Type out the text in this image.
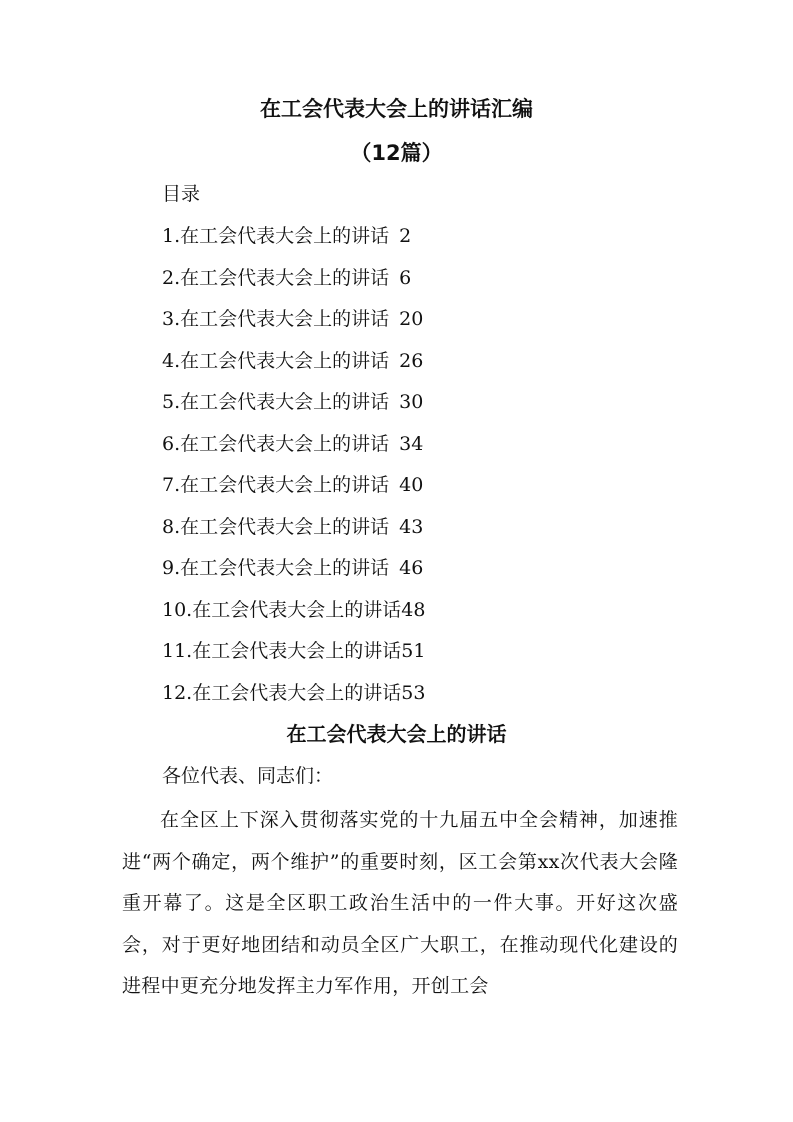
在工会代表大会上的讲话汇编
（12篇）
目录
1.在工会代表大会上的讲话 2
2.在工会代表大会上的讲话 6
3.在工会代表大会上的讲话 20
4.在工会代表大会上的讲话 26
5.在工会代表大会上的讲话 30
6.在工会代表大会上的讲话 34
7.在工会代表大会上的讲话 40
8.在工会代表大会上的讲话 43
9.在工会代表大会上的讲话 46
10.在工会代表大会上的讲话48
11.在工会代表大会上的讲话51
12.在工会代表大会上的讲话53
在工会代表大会上的讲话
各位代表、同志们：

在全区上下深入贯彻落实党的十九届五中全会精神，加速推进“两个确定，两个维护”的重要时刻，区工会第xx次代表大会隆重开幕了。这是全区职工政治生活中的一件大事。开好这次盛会，对于更好地团结和动员全区广大职工，在推动现代化建设的进程中更充分地发挥主力军作用，开创工会
